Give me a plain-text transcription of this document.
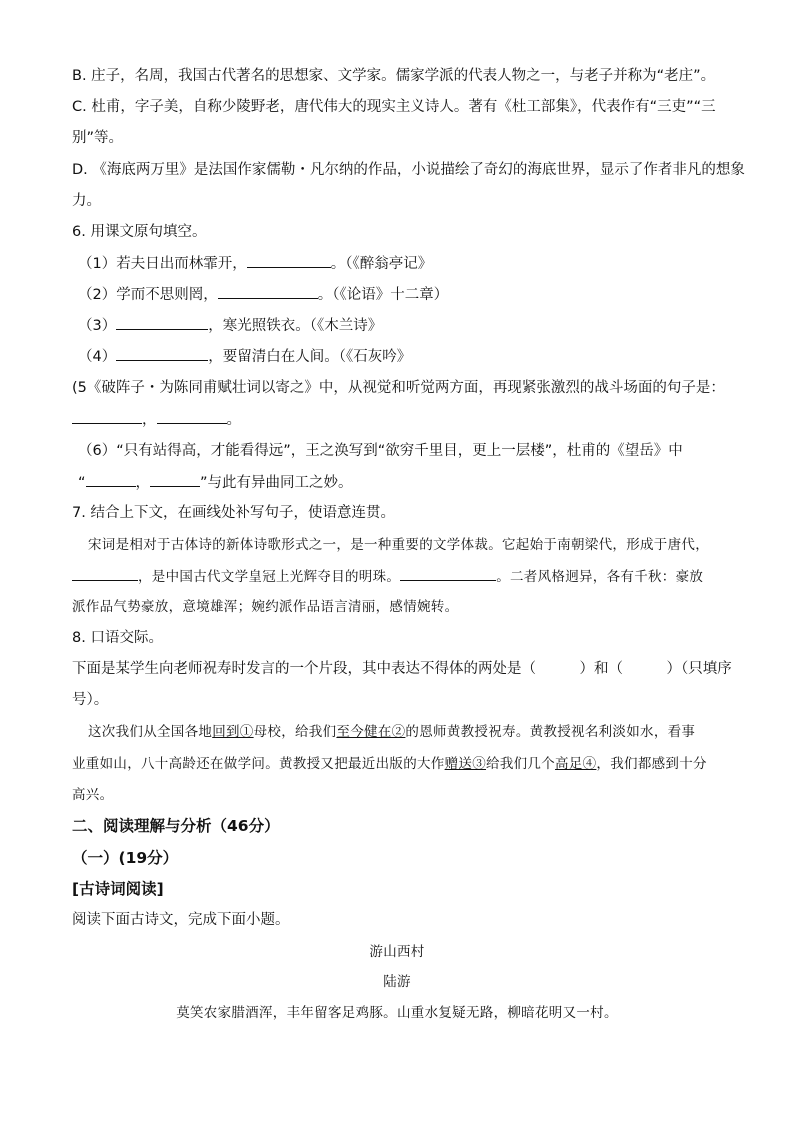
B. 庄子，名周，我国古代著名的思想家、文学家。儒家学派的代表人物之一，与老子并称为“老庄”。
C. 杜甫，字子美，自称少陵野老，唐代伟大的现实主义诗人。著有《杜工部集》，代表作有“三吏”“三
别”等。
D. 《海底两万里》是法国作家儒勒・凡尔纳的作品，小说描绘了奇幻的海底世界，显示了作者非凡的想象
力。
6. 用课文原句填空。
（1）若夫日出而林霏开，	。（《醉翁亭记》
（2）学而不思则罔，	。（《论语》十二章）
（3）	，寒光照铁衣。（《木兰诗》
（4）	，要留清白在人间。（《石灰吟》
(5《破阵子・为陈同甫赋壮词以寄之》中，从视觉和听觉两方面，再现紧张激烈的战斗场面的句子是：
，	。
（6）“只有站得高，才能看得远”，王之涣写到“欲穷千里目，更上一层楼”，杜甫的《望岳》中
“	，	”与此有异曲同工之妙。
7. 结合上下文，在画线处补写句子，使语意连贯。
宋词是相对于古体诗的新体诗歌形式之一，是一种重要的文学体裁。它起始于南朝梁代，形成于唐代，
，是中国古代文学皇冠上光辉夺目的明珠。	。二者风格迥异，各有千秋：豪放
派作品气势豪放，意境雄浑；婉约派作品语言清丽，感情婉转。
8. 口语交际。
下面是某学生向老师祝寿时发言的一个片段，其中表达不得体的两处是（　　　）和（　　　）（只填序
号）。
这次我们从全国各地回到①母校，给我们至今健在②的恩师黄教授祝寿。黄教授视名利淡如水，看事
业重如山，八十高龄还在做学问。黄教授又把最近出版的大作赠送③给我们几个高足④，我们都感到十分
高兴。
二、阅读理解与分析（46分）
（一）(19分）
[古诗词阅读]
阅读下面古诗文，完成下面小题。
游山西村
陆游
莫笑农家腊酒浑，丰年留客足鸡豚。山重水复疑无路，柳暗花明又一村。
